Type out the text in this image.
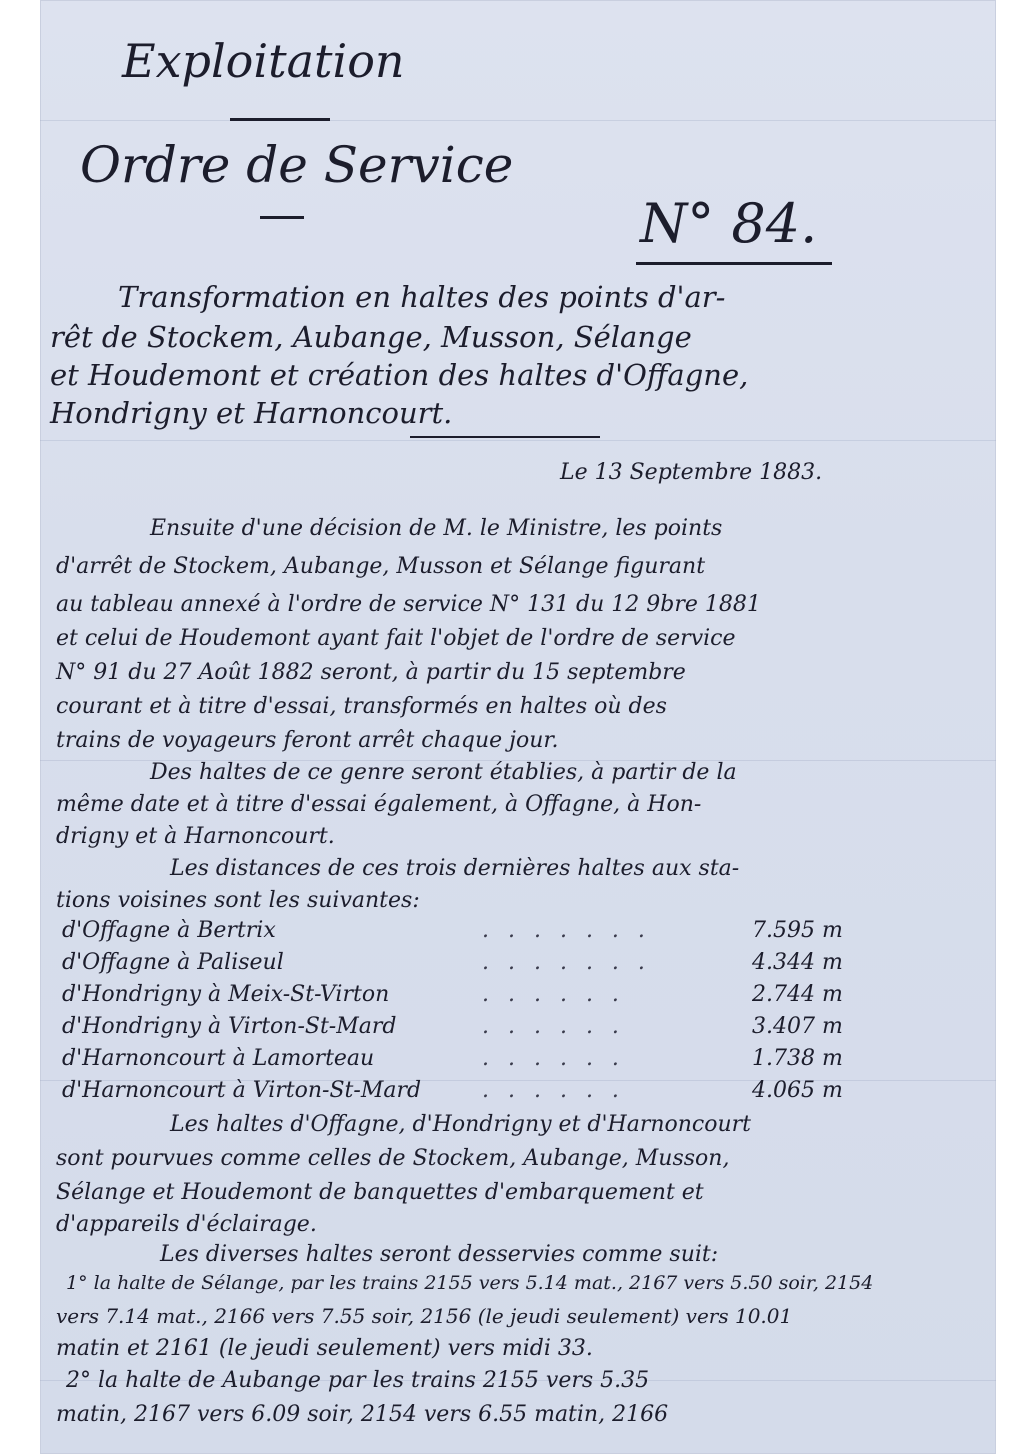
Exploitation

Ordre de Service

N° 84.

Transformation en haltes des points d'ar-

rêt de Stockem, Aubange, Musson, Sélange

et Houdemont et création des haltes d'Offagne,

Hondrigny et Harnoncourt.

Le 13 Septembre 1883.

Ensuite d'une décision de M. le Ministre, les points

d'arrêt de Stockem, Aubange, Musson et Sélange figurant

au tableau annexé à l'ordre de service N° 131 du 12 9bre 1881

et celui de Houdemont ayant fait l'objet de l'ordre de service

N° 91 du 27 Août 1882 seront, à partir du 15 septembre

courant et à titre d'essai, transformés en haltes où des

trains de voyageurs feront arrêt chaque jour.

Des haltes de ce genre seront établies, à partir de la

même date et à titre d'essai également, à Offagne, à Hon-

drigny et à Harnoncourt.

Les distances de ces trois dernières haltes aux sta-

tions voisines sont les suivantes:

d'Offagne à Bertrix	. . . . . . .	7.595 m
d'Offagne à Paliseul	. . . . . . .	4.344 m
d'Hondrigny à Meix-St-Virton	. . . . . .	2.744 m
d'Hondrigny à Virton-St-Mard	. . . . . .	3.407 m
d'Harnoncourt à Lamorteau	. . . . . .	1.738 m
d'Harnoncourt à Virton-St-Mard	. . . . . .	4.065 m

Les haltes d'Offagne, d'Hondrigny et d'Harnoncourt

sont pourvues comme celles de Stockem, Aubange, Musson,

Sélange et Houdemont de banquettes d'embarquement et

d'appareils d'éclairage.

Les diverses haltes seront desservies comme suit:

1° la halte de Sélange, par les trains 2155 vers 5.14 mat., 2167 vers 5.50 soir, 2154

vers 7.14 mat., 2166 vers 7.55 soir, 2156 (le jeudi seulement) vers 10.01

matin et 2161 (le jeudi seulement) vers midi 33.

2° la halte de Aubange par les trains 2155 vers 5.35

matin, 2167 vers 6.09 soir, 2154 vers 6.55 matin, 2166
